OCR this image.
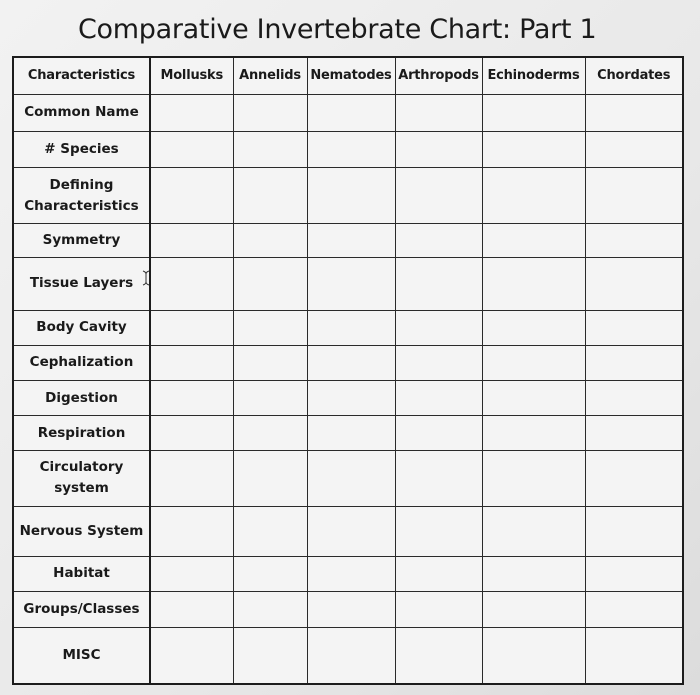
Comparative Invertebrate Chart: Part 1
Characteristics	Mollusks	Annelids	Nematodes	Arthropods	Echinoderms	Chordates
Common Name						
# Species						
Defining
Characteristics						
Symmetry						
Tissue Layers						
Body Cavity						
Cephalization						
Digestion						
Respiration						
Circulatory
system						
Nervous System						
Habitat						
Groups/Classes						
MISC						
